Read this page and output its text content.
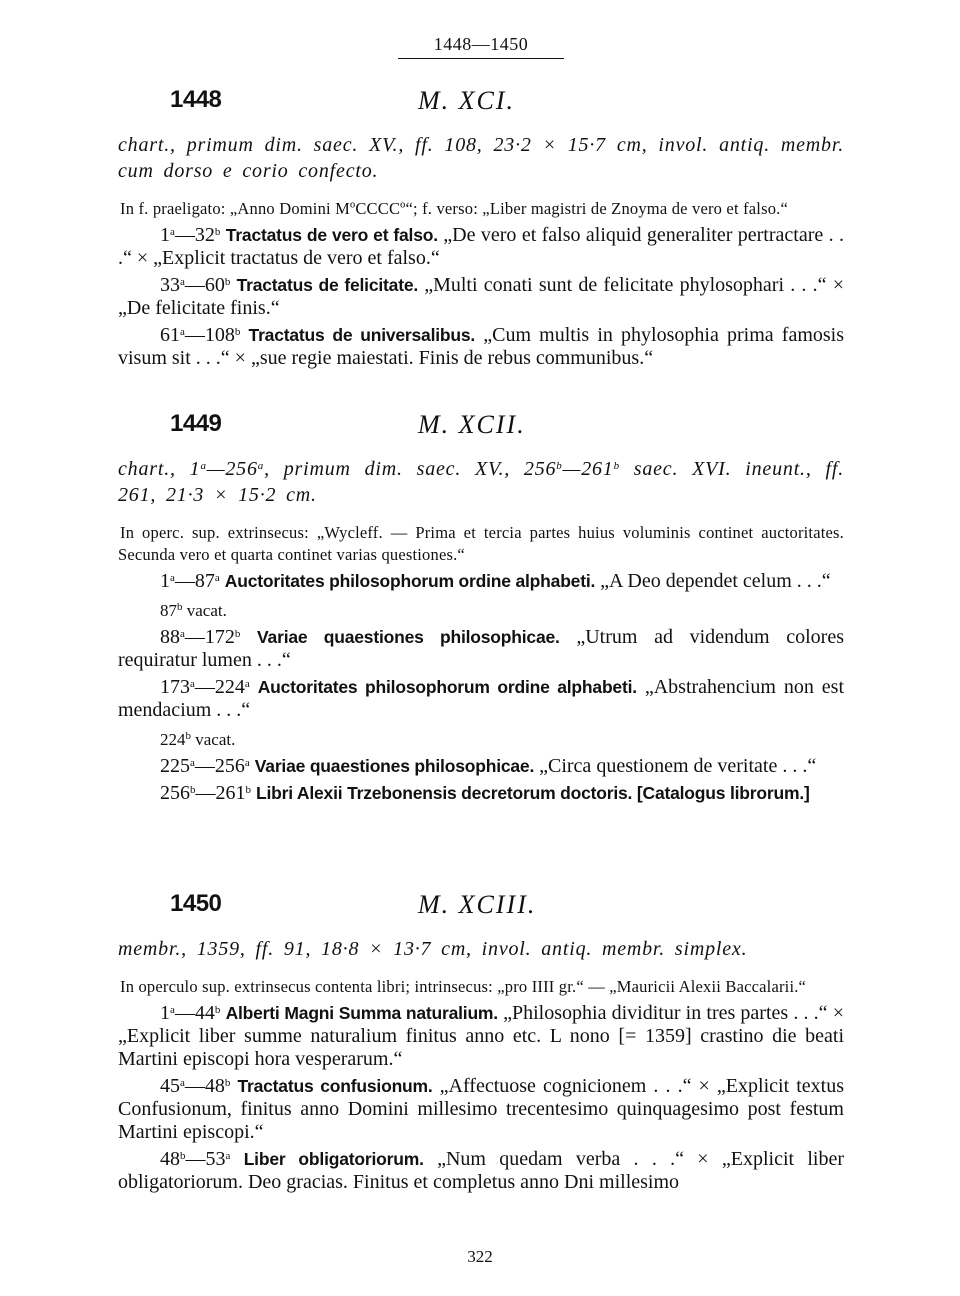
1448—1450
1448	M. XCI.

chart., primum dim. saec. XV., ff. 108, 23·2 × 15·7 cm, invol. antiq. membr. cum dorso e corio confecto.

In f. praeligato: „Anno Domini MºCCCCº“; f. verso: „Liber magistri de Znoyma de vero et falso.“

1$^a$—32$^b$ Tractatus de vero et falso. „De vero et falso aliquid generaliter pertractare . . .“ × „Explicit tractatus de vero et falso.“

33$^a$—60$^b$ Tractatus de felicitate. „Multi conati sunt de felicitate phylosophari . . .“ × „De felicitate finis.“

61$^a$—108$^b$ Tractatus de universalibus. „Cum multis in phylosophia prima famosis visum sit . . .“ × „sue regie maiestati. Finis de rebus communibus.“

1449	M. XCII.

chart., 1$^a$—256$^a$, primum dim. saec. XV., 256$^b$—261$^b$ saec. XVI. ineunt., ff. 261, 21·3 × 15·2 cm.

In operc. sup. extrinsecus: „Wycleff. — Prima et tercia partes huius voluminis continet auctoritates. Secunda vero et quarta continet varias questiones.“

1$^a$—87$^a$ Auctoritates philosophorum ordine alphabeti. „A Deo dependet celum . . .“

87$^b$ vacat.

88$^a$—172$^b$ Variae quaestiones philosophicae. „Utrum ad videndum colores requiratur lumen . . .“

173$^a$—224$^a$ Auctoritates philosophorum ordine alphabeti. „Abstrahencium non est mendacium . . .“

224$^b$ vacat.

225$^a$—256$^a$ Variae quaestiones philosophicae. „Circa questionem de veritate . . .“

256$^b$—261$^b$ Libri Alexii Trzebonensis decretorum doctoris. [Catalogus librorum.]

1450	M. XCIII.

membr., 1359, ff. 91, 18·8 × 13·7 cm, invol. antiq. membr. simplex.

In operculo sup. extrinsecus contenta libri; intrinsecus: „pro IIII gr.“ — „Mauricii Alexii Baccalarii.“

1$^a$—44$^b$ Alberti Magni Summa naturalium. „Philosophia dividitur in tres partes . . .“ × „Explicit liber summe naturalium finitus anno etc. L nono [= 1359] crastino die beati Martini episcopi hora vesperarum.“

45$^a$—48$^b$ Tractatus confusionum. „Affectuose cognicionem . . .“ × „Explicit textus Confusionum, finitus anno Domini millesimo trecentesimo quinquagesimo post festum Martini episcopi.“

48$^b$—53$^a$ Liber obligatoriorum. „Num quedam verba . . .“ × „Explicit liber obligatoriorum. Deo gracias. Finitus et completus anno Dni millesimo

322
